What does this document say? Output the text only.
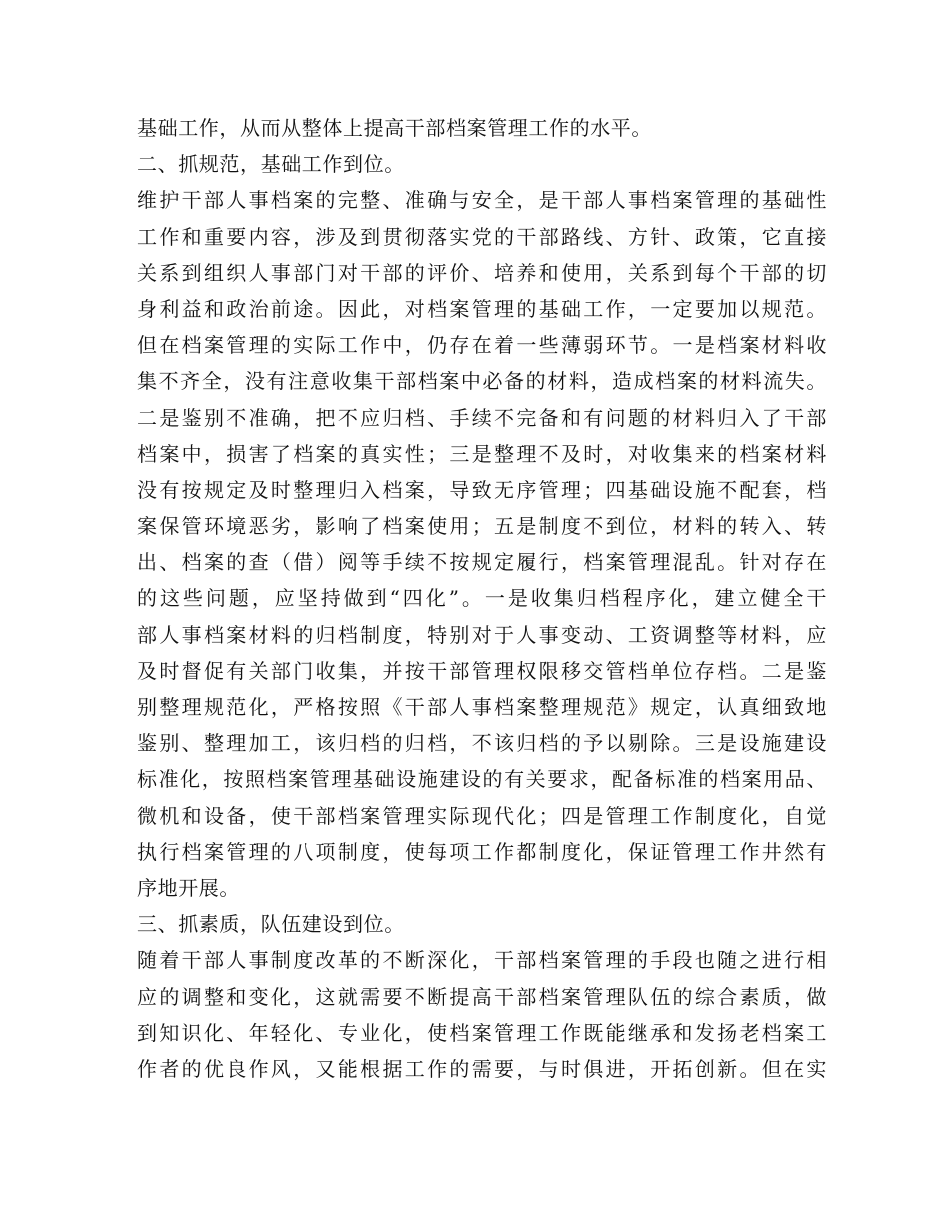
基础工作，从而从整体上提高干部档案管理工作的水平。
二、抓规范，基础工作到位。
维护干部人事档案的完整、准确与安全，是干部人事档案管理的基础性
工作和重要内容，涉及到贯彻落实党的干部路线、方针、政策，它直接
关系到组织人事部门对干部的评价、培养和使用，关系到每个干部的切
身利益和政治前途。因此，对档案管理的基础工作，一定要加以规范。
但在档案管理的实际工作中，仍存在着一些薄弱环节。一是档案材料收
集不齐全，没有注意收集干部档案中必备的材料，造成档案的材料流失。
二是鉴别不准确，把不应归档、手续不完备和有问题的材料归入了干部
档案中，损害了档案的真实性；三是整理不及时，对收集来的档案材料
没有按规定及时整理归入档案，导致无序管理；四基础设施不配套，档
案保管环境恶劣，影响了档案使用；五是制度不到位，材料的转入、转
出、档案的查（借）阅等手续不按规定履行，档案管理混乱。针对存在
的这些问题，应坚持做到“四化”。一是收集归档程序化，建立健全干
部人事档案材料的归档制度，特别对于人事变动、工资调整等材料，应
及时督促有关部门收集，并按干部管理权限移交管档单位存档。二是鉴
别整理规范化，严格按照《干部人事档案整理规范》规定，认真细致地
鉴别、整理加工，该归档的归档，不该归档的予以剔除。三是设施建设
标准化，按照档案管理基础设施建设的有关要求，配备标准的档案用品、
微机和设备，使干部档案管理实际现代化；四是管理工作制度化，自觉
执行档案管理的八项制度，使每项工作都制度化，保证管理工作井然有
序地开展。
三、抓素质，队伍建设到位。
随着干部人事制度改革的不断深化，干部档案管理的手段也随之进行相
应的调整和变化，这就需要不断提高干部档案管理队伍的综合素质，做
到知识化、年轻化、专业化，使档案管理工作既能继承和发扬老档案工
作者的优良作风，又能根据工作的需要，与时俱进，开拓创新。但在实
